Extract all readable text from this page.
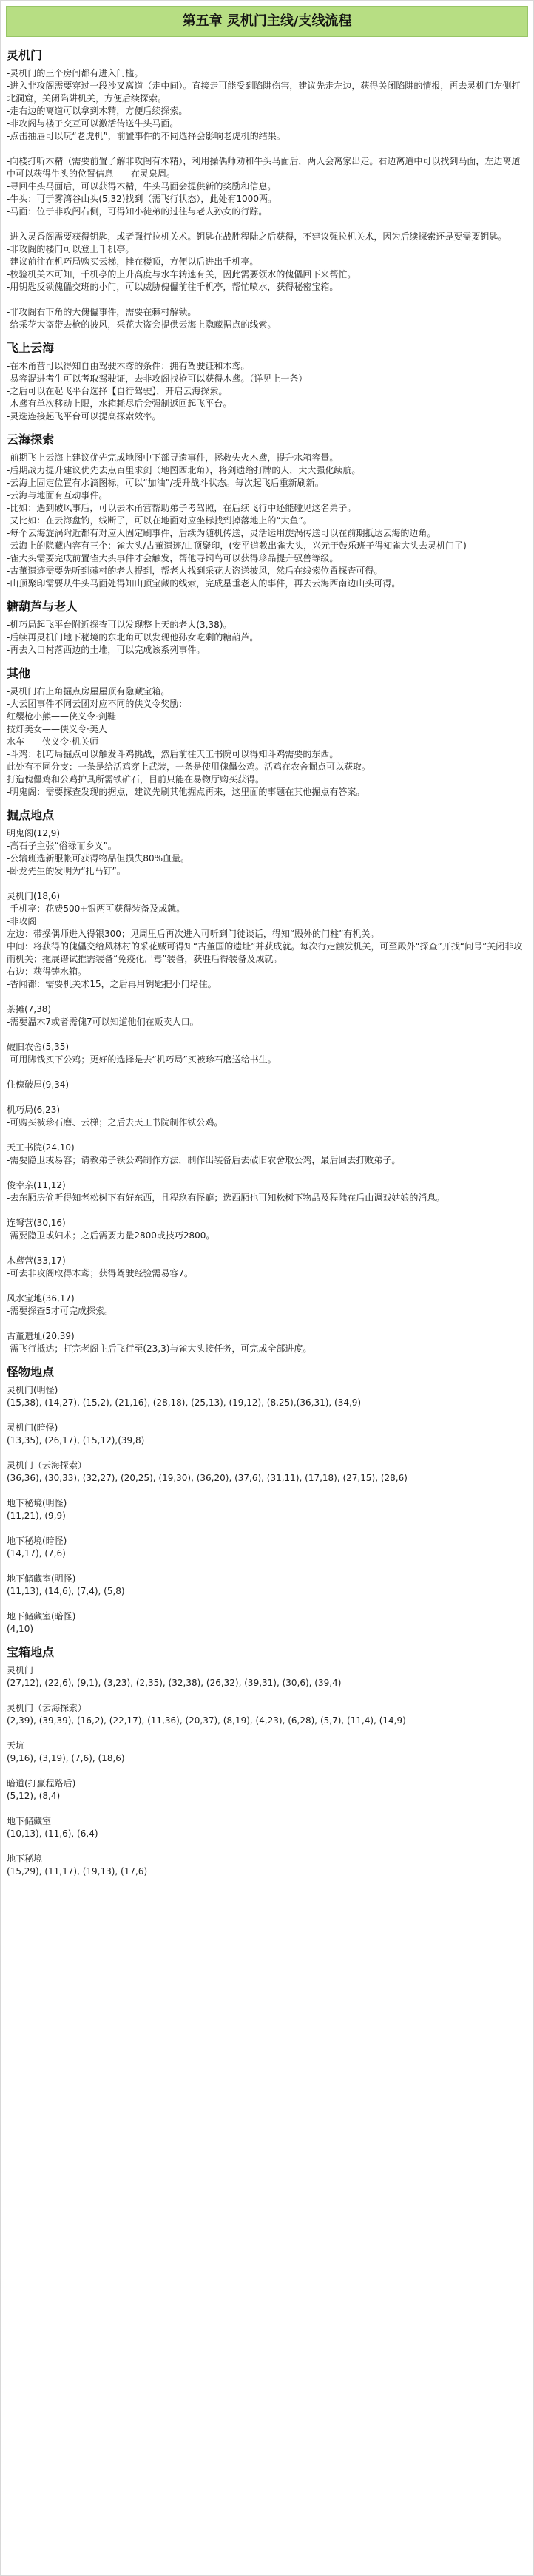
第五章 灵机门主线/支线流程
灵机门

-灵机门的三个房间都有进入门槛。

-进入非攻阁需要穿过一段沙叉离道（走中间）。直接走可能受到陷阱伤害，建议先走左边，获得关闭陷阱的情报，再去灵机门左侧打北洞窟，关闭陷阱机关，方便后续探索。

-走右边的离道可以拿到木精，方便后续探索。

-非攻阁与楼子交互可以激活传送牛头马面。

-点击抽屉可以玩“老虎机”，前置事件的不同选择会影响老虎机的结果。

-向楼打听木精（需要前置了解非攻阁有木精），利用操偶师劝和牛头马面后，两人会离家出走。右边离道中可以找到马面，左边离道中可以获得牛头的位置信息——在灵泉周。

-寻回牛头马面后，可以获得木精，牛头马面会提供新的奖励和信息。

-牛头：可于雾湾谷山头(5,32)找到（需飞行状态），此处有1000两。

-马面：位于非攻阁右侧，可得知小徒弟的过往与老人孙女的行踪。

-进入灵香阁需要获得钥匙，或者强行拉机关术。钥匙在战胜程陆之后获得，不建议强拉机关术，因为后续探索还是要需要钥匙。

-非攻阁的楼门可以登上千机亭。

-建议前往在机巧局购买云梯，挂在楼顶，方便以后进出千机亭。

-校验机关木可知，千机亭的上升高度与水车转速有关，因此需要领水的傀儡回下来帮忙。

-用钥匙反锁傀儡交班的小门，可以威胁傀儡前往千机亭，帮忙喷水，获得秘密宝箱。

-非攻阁右下角的大傀儡事件，需要在棘村解锁。

-给采花大盗带去枪的披风，采花大盗会提供云海上隐藏据点的线索。

飞上云海

-在木甬营可以得知自由驾驶木鸢的条件：拥有驾驶证和木鸢。

-易容混进考生可以考取驾驶证，去非攻阁找枪可以获得木鸢。（详见上一条）

-之后可以在起飞平台选择【自行驾驶】，开启云海探索。

-木鸢有单次移动上限，水箱耗尽后会强制返回起飞平台。

-灵选连接起飞平台可以提高探索效率。

云海探索

-前期飞上云海上建议优先完成地图中下部寻遗事件，拯救失火木鸢，提升水箱容量。

-后期战力提升建议优先去点百里求剑（地图西北角），将剑遗给打牌的人，大大强化续航。

-云海上固定位置有水滴图标，可以“加油”/提升战斗状态。每次起飞后重新刷新。

-云海与地面有互动事件。

-比如：遇到破风事后，可以去木甬营帮助弟子考驾照，在后续飞行中还能碰见这名弟子。

-又比如：在云海盘钓，线断了，可以在地面对应坐标找到掉落地上的“大鱼”。

-每个云海旋涡附近都有对应人固定刷事件，后续为随机传送，灵活运用旋涡传送可以在前期抵达云海的边角。

-云海上的隐藏内容有三个：雀大头/古董遗迹/山顶聚印，(安平道教出雀大头，兴元于鼓乐班子得知雀大头去灵机门了)

-雀大头需要完成前置雀大头事件才会触发，帮他寻铜鸟可以获得珍品提升驭兽等级。

-古董遗迹需要先听到棘村的老人提到，帮老人找到采花大盗送披风，然后在线索位置探查可得。

-山顶聚印需要从牛头马面处得知山顶宝藏的线索，完成星垂老人的事件，再去云海西南边山头可得。

糖葫芦与老人

-机巧局起飞平台附近探查可以发现整上天的老人(3,38)。

-后续再灵机门地下秘境的东北角可以发现他孙女吃剩的糖葫芦。

-再去入口村落西边的土堆，可以完成该系列事件。

其他

-灵机门右上角掘点房屋屋顶有隐藏宝箱。

-大云团事件不同云团对应不同的侠义令奖励：

红缨枪小熊——侠义令·剑鞋

技灯美女——侠义令·美人

水车——侠义令·机关师

-斗鸡：机巧局掘点可以触发斗鸡挑战，然后前往天工书院可以得知斗鸡需要的东西。

此处有不同分支：一条是给活鸡穿上武装，一条是使用傀儡公鸡。活鸡在农舍掘点可以获取。

打造傀儡鸡和公鸡护具所需铁矿石，目前只能在易物厅购买获得。

-明鬼阁：需要探查发现的据点，建议先刷其他掘点再来，这里面的事题在其他掘点有答案。

掘点地点

明鬼阁(12,9)

-高石子主张“俗禄而乡义”。

-公输班选新服帐可获得物品但损失80%血量。

-卧龙先生的发明为“扎马钉”。

灵机门(18,6)

-千机亭：花费500+银两可获得装备及成就。

-非攻阁

左边：带操偶师进入得银300；见周里后再次进入可听到门徒谈话，得知“殿外的门柱”有机关。

中间：将获得的傀儡交给风林村的采花贼可得知“古董国的遗址”并获成就。每次行走触发机关，可至殿外“探查”开找“问号”关闭非攻雨机关；拖展谱试推需装备“免疫化尸毒”装备，获胜后得装备及成就。

右边：获得铸水箱。

-香闻都：需要机关术15，之后再用钥匙把小门堵住。

茶摊(7,38)

-需要温木7或者需傀7可以知道他们在贩卖人口。

破旧农舍(5,35)

-可用脚钱买下公鸡；更好的选择是去“机巧局”买被珍石磨送给书生。

住傀破屋(9,34)

机巧局(6,23)

-可购买被珍石磨、云梯；之后去天工书院制作铁公鸡。

天工书院(24,10)

-需要隐卫或易容；请教弟子铁公鸡制作方法，制作出装备后去破旧农舍取公鸡，最后回去打败弟子。

俊幸亲(11,12)

-去东厢房偷听得知老松树下有好东西，且程玖有怪癖；选西厢也可知松树下物品及程陆在后山调戏姑娘的消息。

连弩营(30,16)

-需要隐卫或妇术；之后需要力量2800或技巧2800。

木鸢营(33,17)

-可去非攻阁取得木鸢；获得驾驶经验需易容7。

风水宝地(36,17)

-需要探查5才可完成探索。

古董遗址(20,39)

-需飞行抵达；打完老阁主后飞行至(23,3)与雀大头接任务，可完成全部进度。

怪物地点

灵机门(明怪)

(15,38), (14,27), (15,2), (21,16), (28,18), (25,13), (19,12), (8,25),(36,31), (34,9)

灵机门(暗怪)

(13,35), (26,17), (15,12),(39,8)

灵机门（云海探索）

(36,36), (30,33), (32,27), (20,25), (19,30), (36,20), (37,6), (31,11), (17,18), (27,15), (28,6)

地下秘境(明怪)

(11,21), (9,9)

地下秘境(暗怪)

(14,17), (7,6)

地下储藏室(明怪)

(11,13), (14,6), (7,4), (5,8)

地下储藏室(暗怪)

(4,10)

宝箱地点

灵机门

(27,12), (22,6), (9,1), (3,23), (2,35), (32,38), (26,32), (39,31), (30,6), (39,4)

灵机门（云海探索）

(2,39), (39,39), (16,2), (22,17), (11,36), (20,37), (8,19), (4,23), (6,28), (5,7), (11,4), (14,9)

天坑

(9,16), (3,19), (7,6), (18,6)

暗道(打赢程路后)

(5,12), (8,4)

地下储藏室

(10,13), (11,6), (6,4)

地下秘境

(15,29), (11,17), (19,13), (17,6)
